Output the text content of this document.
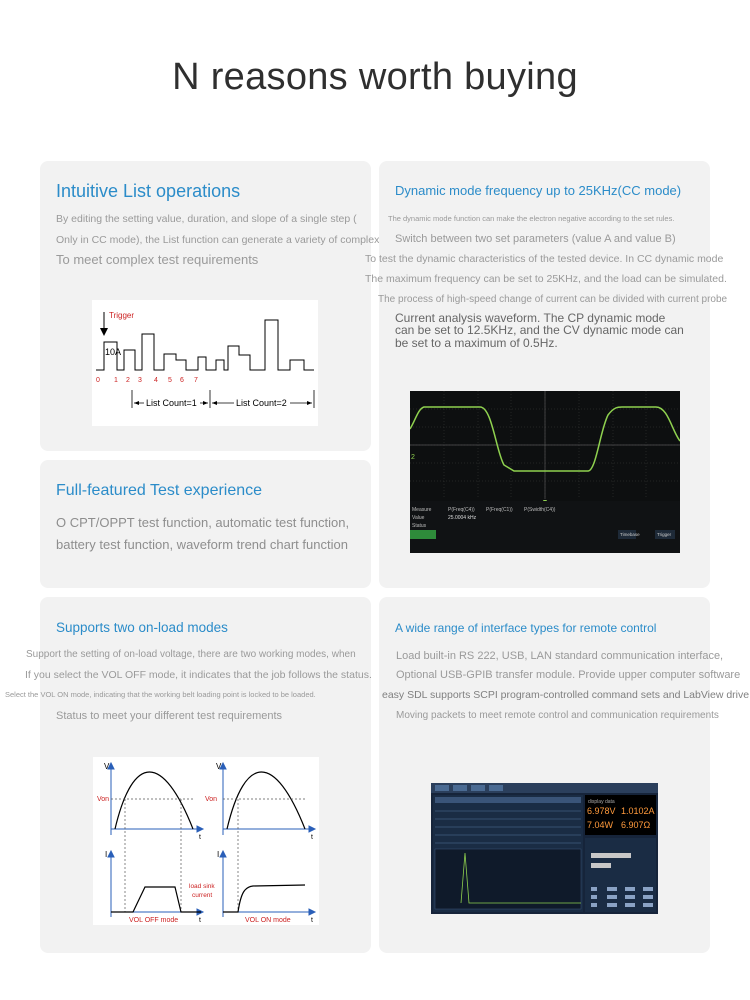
N reasons worth buying
Intuitive List operations
By editing the setting value, duration, and slope of a single step (
Only in CC mode), the List function can generate a variety of complex
To meet complex test requirements
Trigger
10A
0 1 2 3 4 5 6 7
List Count=1	List Count=2
Dynamic mode frequency up to 25KHz(CC mode)
The dynamic mode function can make the electron negative according to the set rules.
Switch between two set parameters (value A and value B)
To test the dynamic characteristics of the tested device. In CC dynamic mode
The maximum frequency can be set to 25KHz, and the load can be simulated.
The process of high-speed change of current can be divided with current probe
Current analysis waveform. The CP dynamic mode
can be set to 12.5KHz, and the CV dynamic mode can
be set to a maximum of 0.5Hz.
2
Measure	P(Freq(C4)) P(Freq(C1)) P(Swidth(C4))
Value	25.0004 kHz
Status
Timebase	Trigger
Full-featured Test experience
O CPT/OPPT test function, automatic test function,
battery test function, waveform trend chart function
Supports two on-load modes
Support the setting of on-load voltage, there are two working modes, when
If you select the VOL OFF mode, it indicates that the job follows the status.
Select the VOL ON mode, indicating that the working belt loading point is locked to be loaded.
Status to meet your different test requirements
V	V
I	I
t	t
t	t
Von	Von
load sink
current
VOL OFF mode	VOL ON mode
A wide range of interface types for remote control
Load built-in RS 222, USB, LAN standard communication interface,
Optional USB-GPIB transfer module. Provide upper computer software
easy SDL supports SCPI program-controlled command sets and LabView drive
Moving packets to meet remote control and communication requirements
display data
6.978V 1.0102A
7.04W 6.907Ω
